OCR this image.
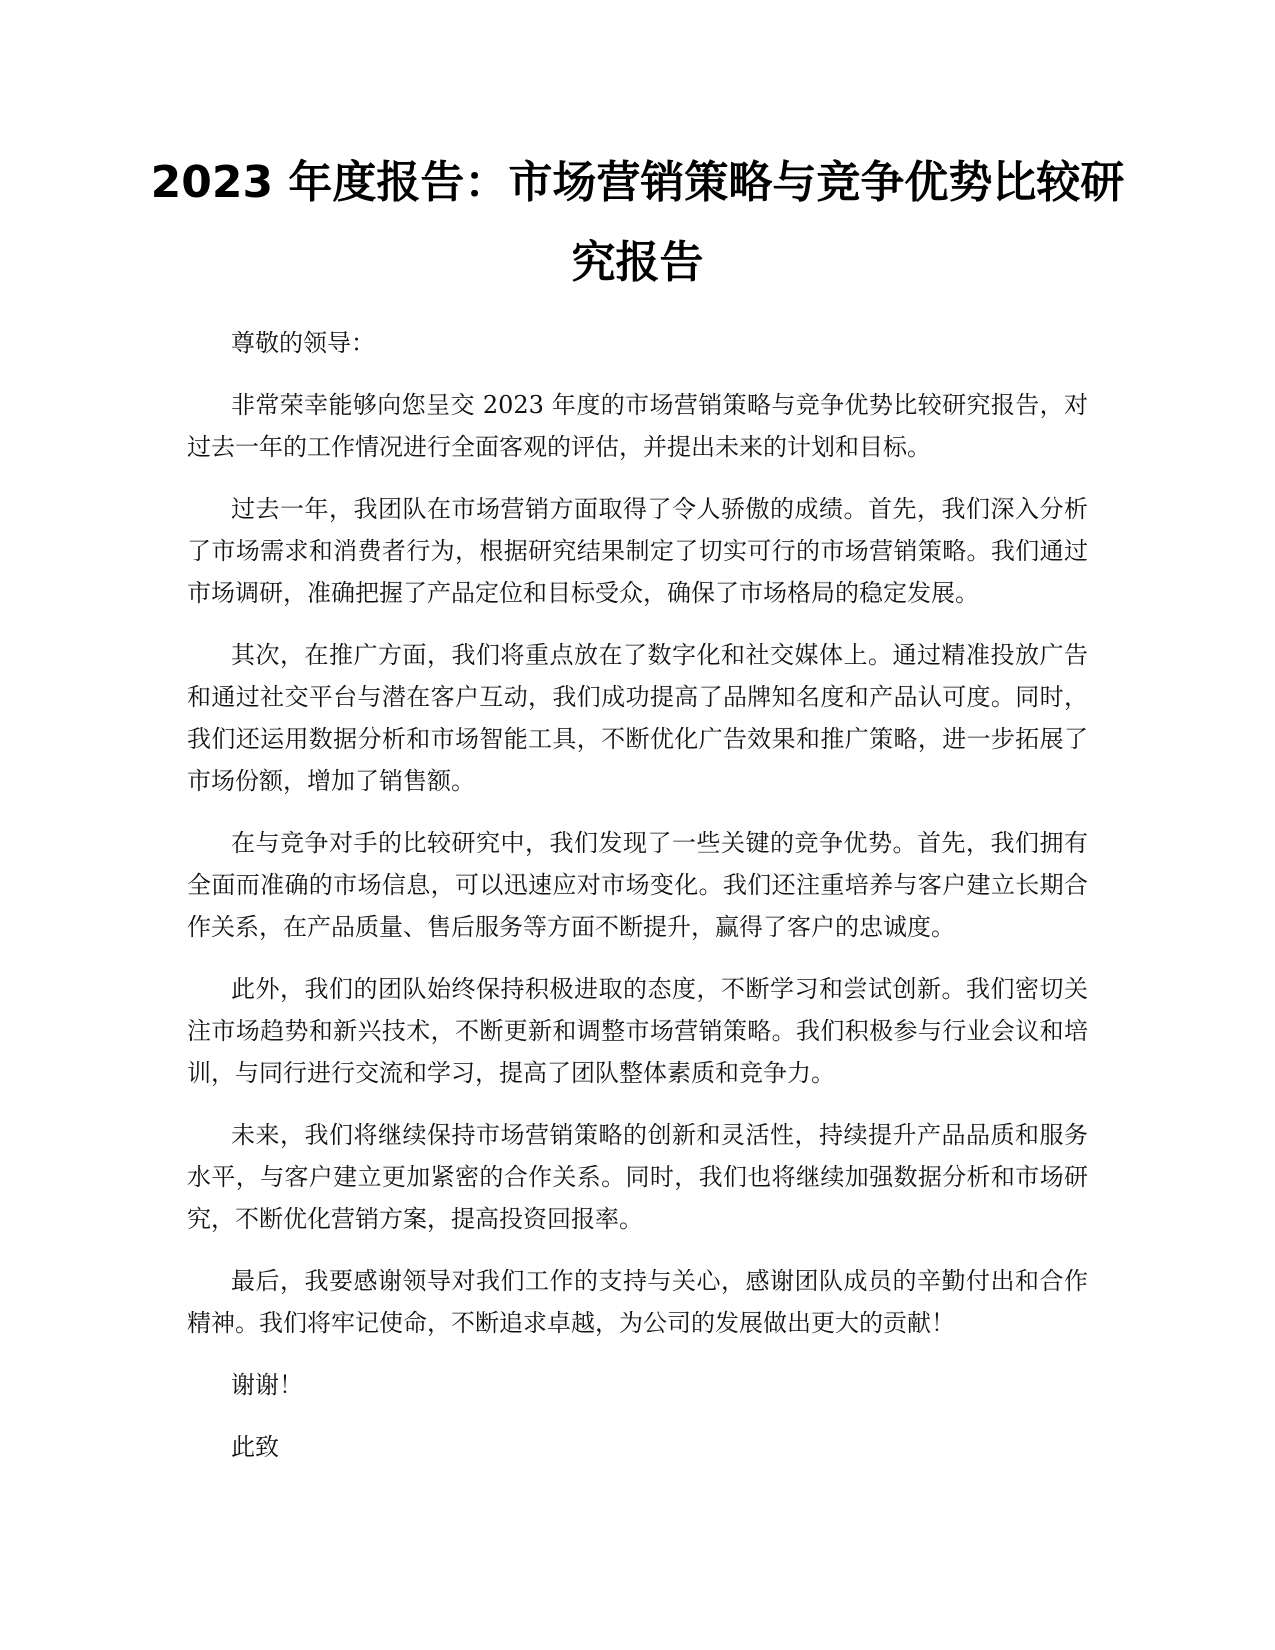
2023 年度报告：市场营销策略与竞争优势比较研究报告

尊敬的领导：

非常荣幸能够向您呈交 2023 年度的市场营销策略与竞争优势比较研究报告，对过去一年的工作情况进行全面客观的评估，并提出未来的计划和目标。

过去一年，我团队在市场营销方面取得了令人骄傲的成绩。首先，我们深入分析了市场需求和消费者行为，根据研究结果制定了切实可行的市场营销策略。我们通过市场调研，准确把握了产品定位和目标受众，确保了市场格局的稳定发展。

其次，在推广方面，我们将重点放在了数字化和社交媒体上。通过精准投放广告和通过社交平台与潜在客户互动，我们成功提高了品牌知名度和产品认可度。同时，我们还运用数据分析和市场智能工具，不断优化广告效果和推广策略，进一步拓展了市场份额，增加了销售额。

在与竞争对手的比较研究中，我们发现了一些关键的竞争优势。首先，我们拥有全面而准确的市场信息，可以迅速应对市场变化。我们还注重培养与客户建立长期合作关系，在产品质量、售后服务等方面不断提升，赢得了客户的忠诚度。

此外，我们的团队始终保持积极进取的态度，不断学习和尝试创新。我们密切关注市场趋势和新兴技术，不断更新和调整市场营销策略。我们积极参与行业会议和培训，与同行进行交流和学习，提高了团队整体素质和竞争力。

未来，我们将继续保持市场营销策略的创新和灵活性，持续提升产品品质和服务水平，与客户建立更加紧密的合作关系。同时，我们也将继续加强数据分析和市场研究，不断优化营销方案，提高投资回报率。

最后，我要感谢领导对我们工作的支持与关心，感谢团队成员的辛勤付出和合作精神。我们将牢记使命，不断追求卓越，为公司的发展做出更大的贡献！

谢谢！

此致
